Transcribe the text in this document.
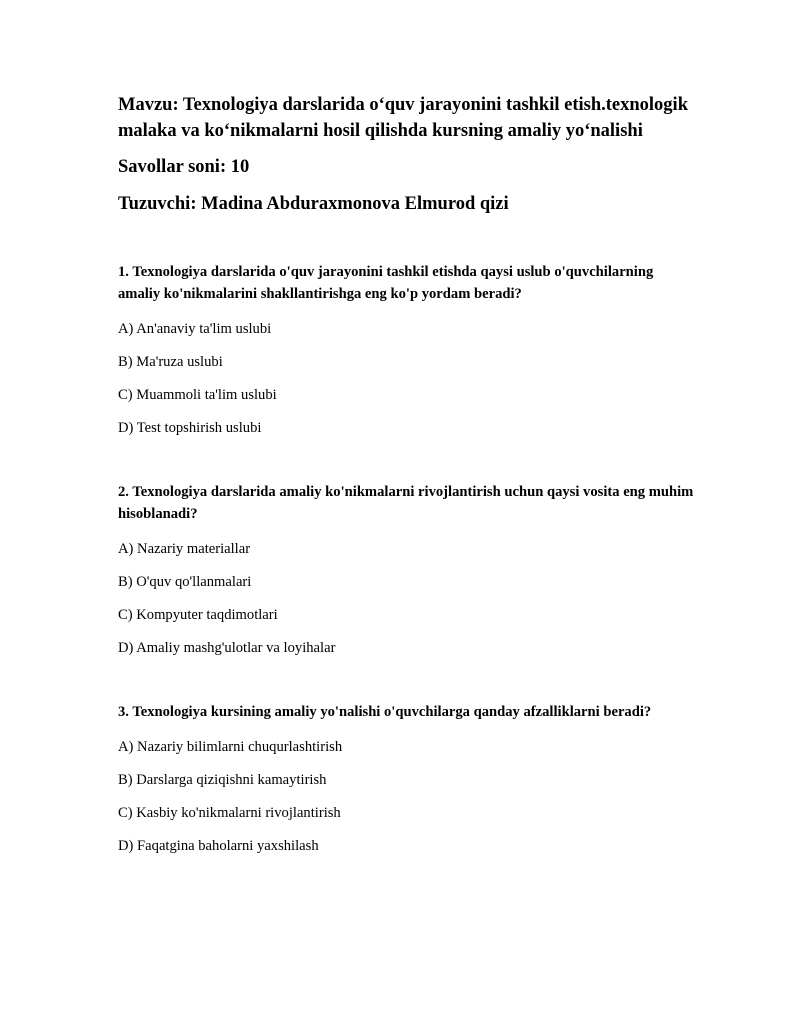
Mavzu: Texnologiya darslarida o‘quv jarayonini tashkil etish.texnologik malaka va ko‘nikmalarni hosil qilishda kursning amaliy yo‘nalishi

Savollar soni: 10

Tuzuvchi: Madina Abduraxmonova Elmurod qizi

1. Texnologiya darslarida o'quv jarayonini tashkil etishda qaysi uslub o'quvchilarning amaliy ko'nikmalarini shakllantirishga eng ko'p yordam beradi?

A) An'anaviy ta'lim uslubi

B) Ma'ruza uslubi

C) Muammoli ta'lim uslubi

D) Test topshirish uslubi

2. Texnologiya darslarida amaliy ko'nikmalarni rivojlantirish uchun qaysi vosita eng muhim hisoblanadi?

A) Nazariy materiallar

B) O'quv qo'llanmalari

C) Kompyuter taqdimotlari

D) Amaliy mashg'ulotlar va loyihalar

3. Texnologiya kursining amaliy yo'nalishi o'quvchilarga qanday afzalliklarni beradi?

A) Nazariy bilimlarni chuqurlashtirish

B) Darslarga qiziqishni kamaytirish

C) Kasbiy ko'nikmalarni rivojlantirish

D) Faqatgina baholarni yaxshilash
